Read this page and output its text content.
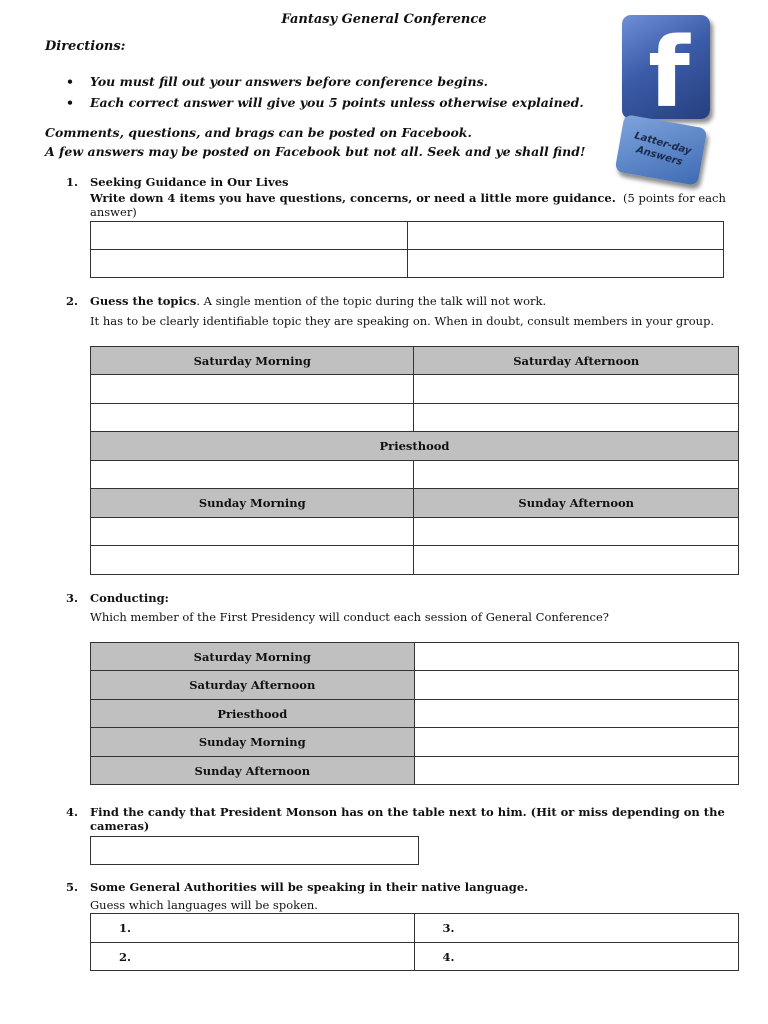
Fantasy General Conference
Directions:
• You must fill out your answers before conference begins.
• Each correct answer will give you 5 points unless otherwise explained.
Comments, questions, and brags can be posted on Facebook.
A few answers may be posted on Facebook but not all. Seek and ye shall find!
f
Latter-day Answers
1. Seeking Guidance in Our Lives
Write down 4 items you have questions, concerns, or need a little more guidance. (5 points for each answer)

2. Guess the topics. A single mention of the topic during the talk will not work.
It has to be clearly identifiable topic they are speaking on. When in doubt, consult members in your group.
Saturday Morning	Saturday Afternoon

Priesthood	

Sunday Morning	Sunday Afternoon

3. Conducting:
Which member of the First Presidency will conduct each session of General Conference?
Saturday Morning	
Saturday Afternoon	
Priesthood	
Sunday Morning	
Sunday Afternoon	
4. Find the candy that President Monson has on the table next to him. (Hit or miss depending on the cameras)
5. Some General Authorities will be speaking in their native language.
Guess which languages will be spoken.
1.	3.
2.	4.
